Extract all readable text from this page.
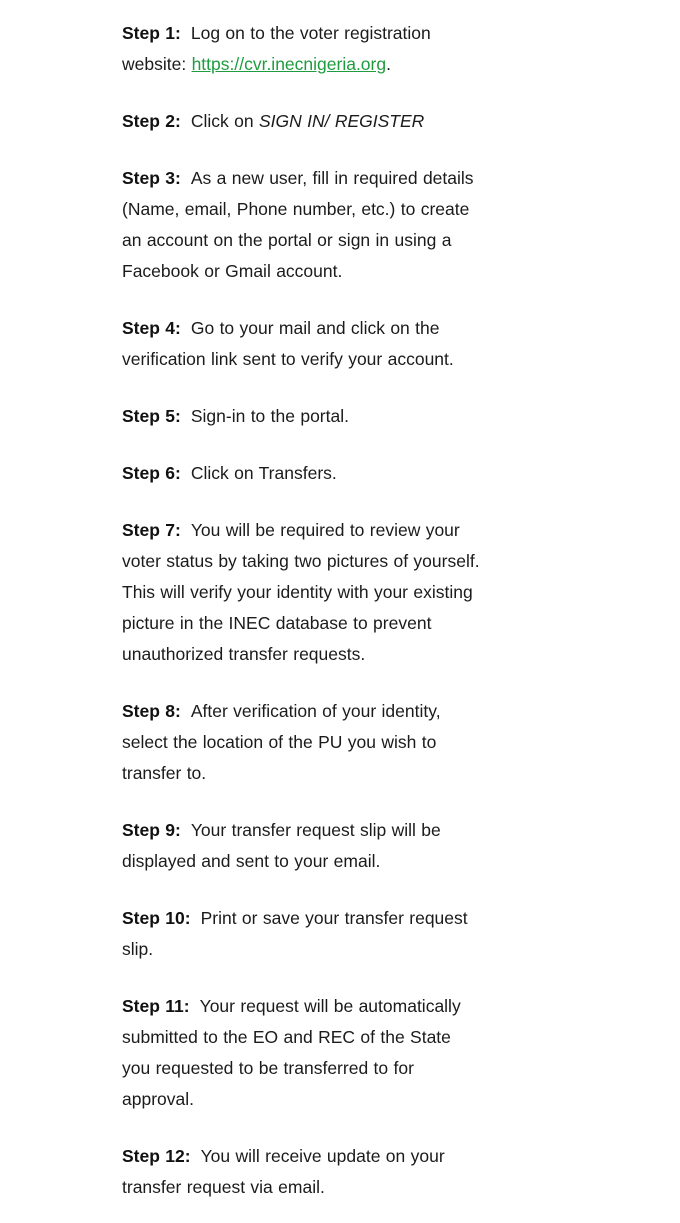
Step 1: Log on to the voter registration website: https://cvr.inecnigeria.org.

Step 2: Click on SIGN IN/ REGISTER

Step 3: As a new user, fill in required details (Name, email, Phone number, etc.) to create an account on the portal or sign in using a Facebook or Gmail account.

Step 4: Go to your mail and click on the verification link sent to verify your account.

Step 5: Sign-in to the portal.

Step 6: Click on Transfers.

Step 7: You will be required to review your voter status by taking two pictures of yourself. This will verify your identity with your existing picture in the INEC database to prevent unauthorized transfer requests.

Step 8: After verification of your identity, select the location of the PU you wish to transfer to.

Step 9: Your transfer request slip will be displayed and sent to your email.

Step 10: Print or save your transfer request slip.

Step 11: Your request will be automatically submitted to the EO and REC of the State you requested to be transferred to for approval.

Step 12: You will receive update on your transfer request via email.
